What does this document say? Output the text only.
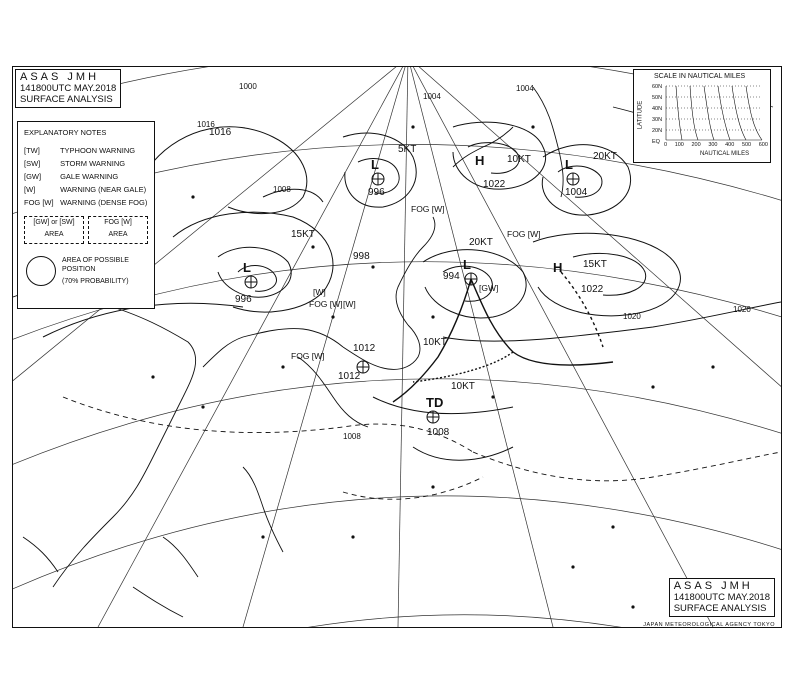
996
15KT
996
5KT
998
994
20KT
1004
20KT
1012
10KT
1012
1022
10KT
1022
15KT
1016
1008
10KT
L
L
L
L
H
H
TD
[GW]
[W]
FOG [W]
FOG [W]
FOG [W]
FOG [W]
[W]
1000
1004
1008
1008
1016
1020
1020
1004
ASAS JMH
141800UTC MAY.2018
SURFACE ANALYSIS
EXPLANATORY NOTES
[TW]	TYPHOON WARNING
[SW]	STORM WARNING
[GW]	GALE WARNING
[W]	WARNING (NEAR GALE)
FOG [W] WARNING (DENSE FOG)
[GW] or [SW]
AREA
FOG [W]
AREA
AREA OF POSSIBLE POSITION
(70% PROBABILITY)
SCALE IN NAUTICAL MILES
LATITUDE
60N
50N
40N
30N
20N
EQ 0 100 200 300 400 500 600
NAUTICAL MILES
ASAS JMH
141800UTC MAY.2018
SURFACE ANALYSIS
JAPAN METEOROLOGICAL AGENCY TOKYO
